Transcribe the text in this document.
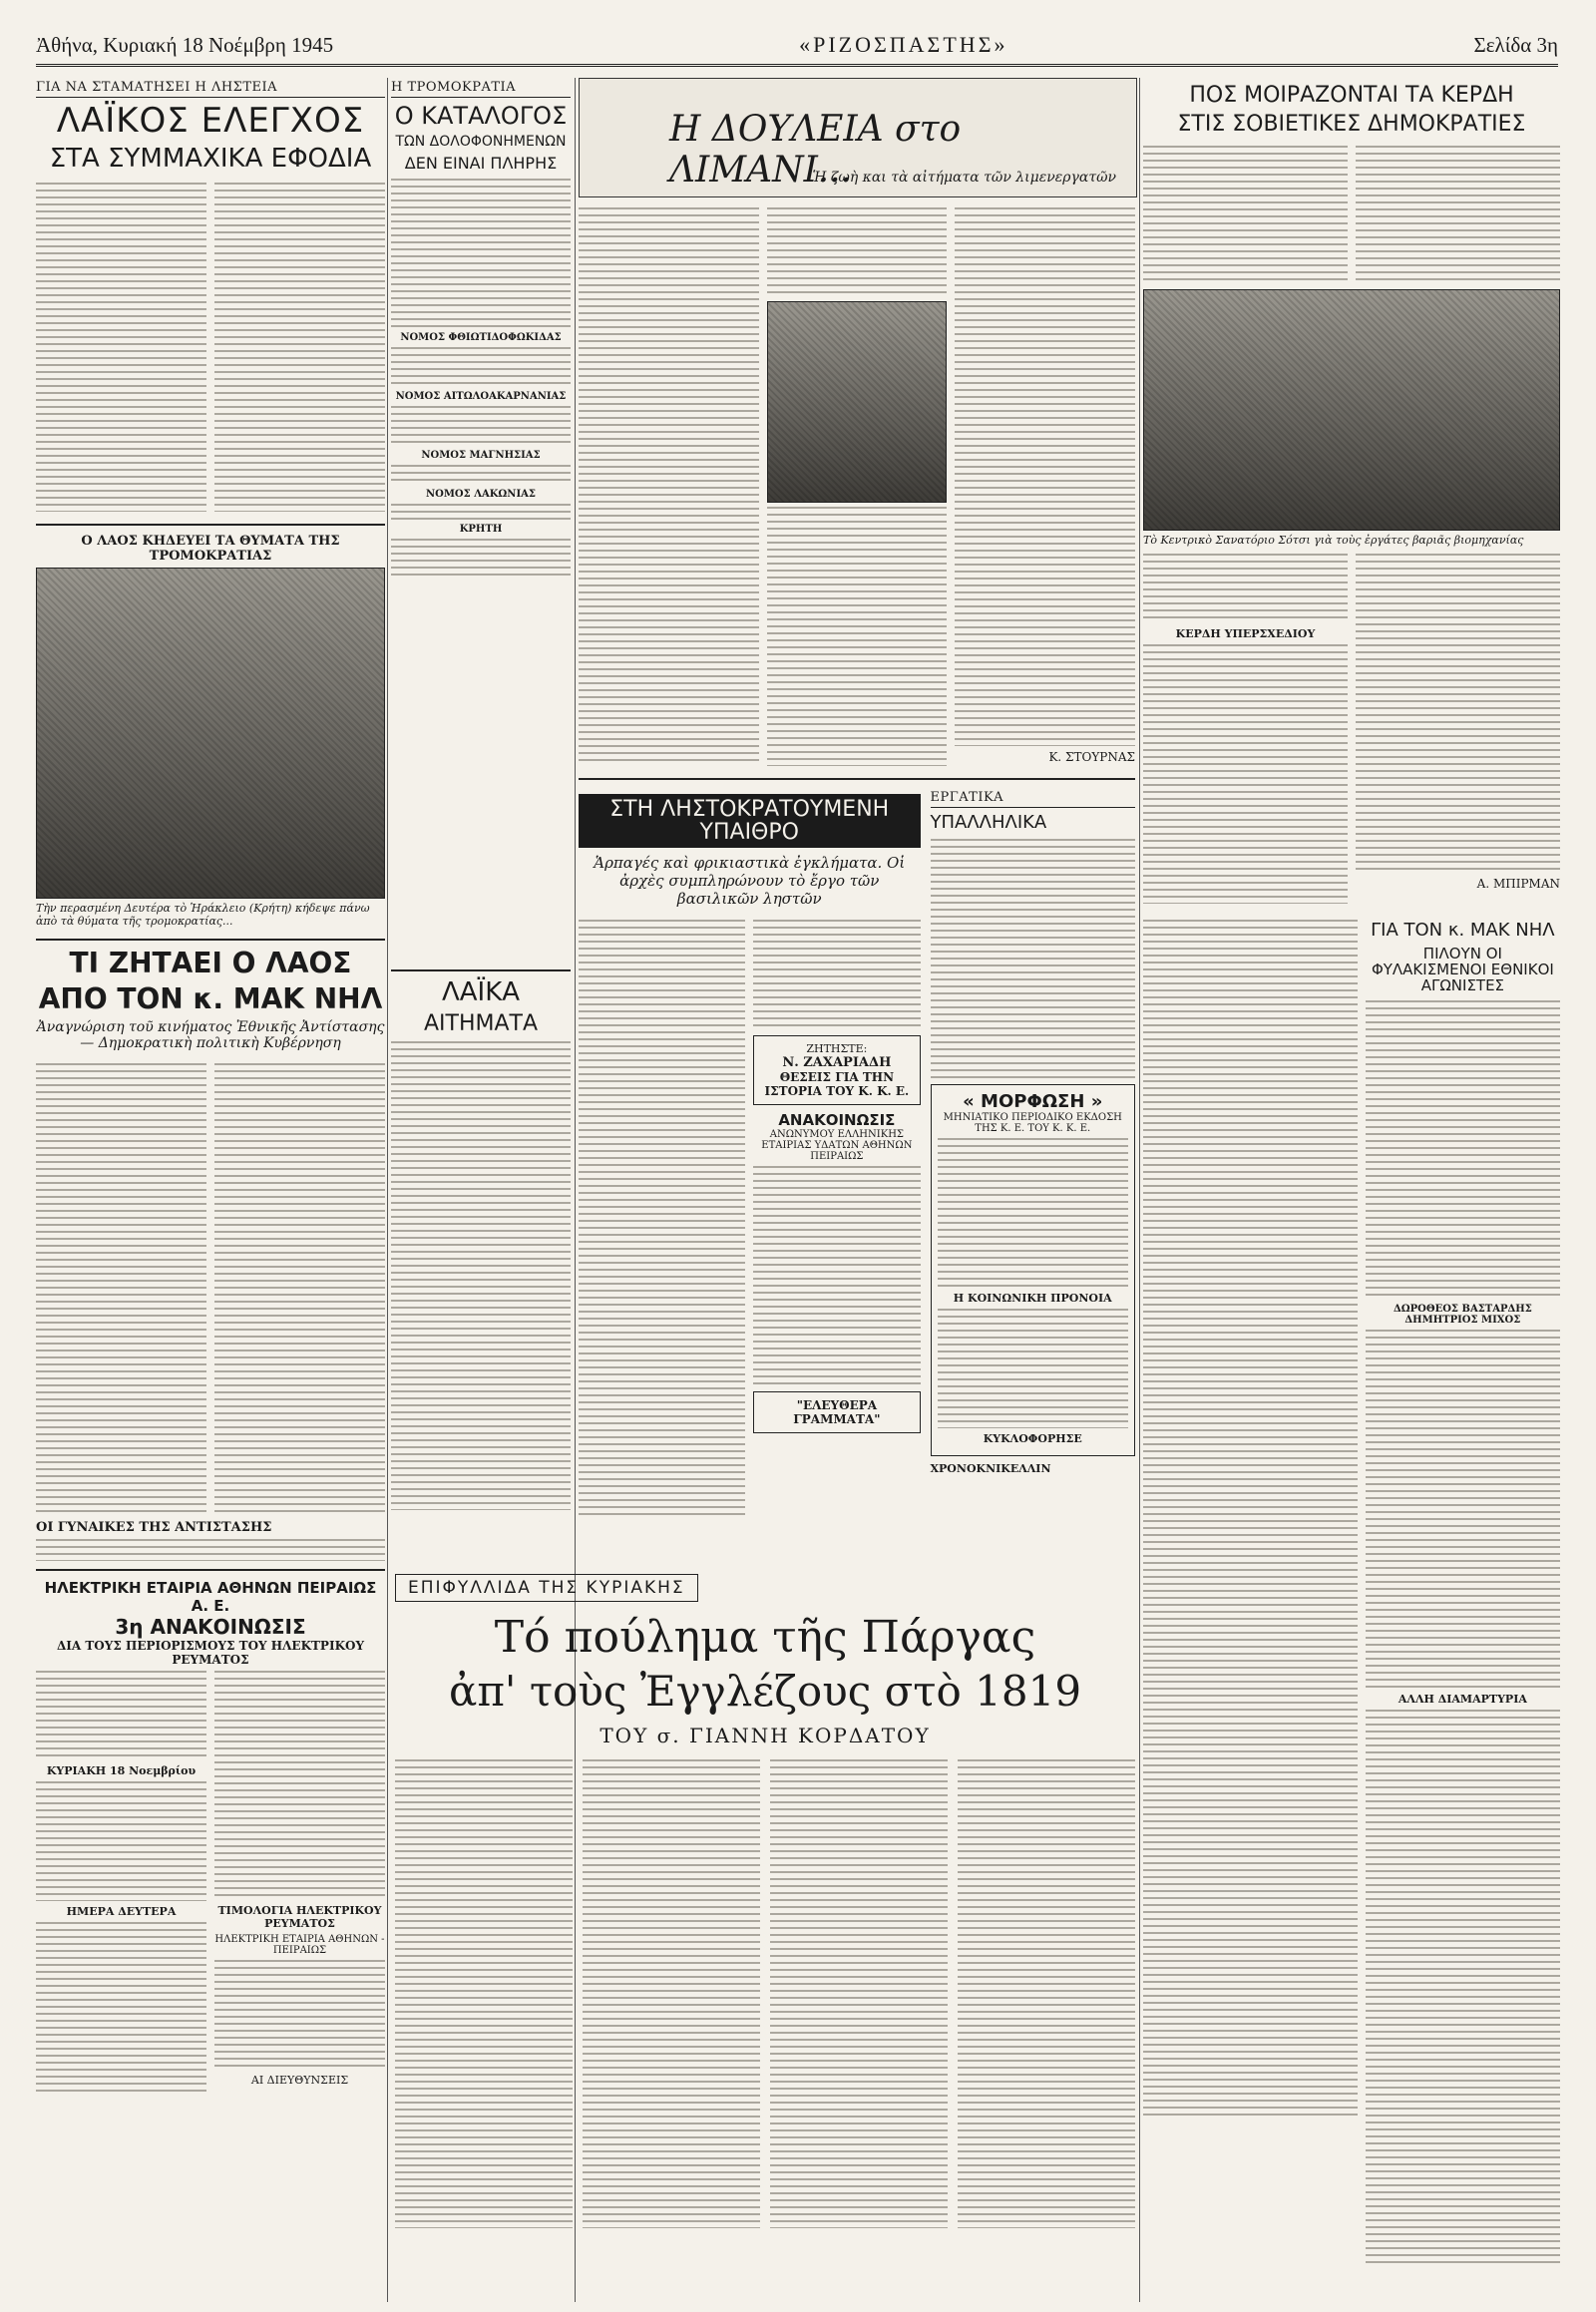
Ἀθήνα, Κυριακή 18 Νοέμβρη 1945	«ΡΙΖΟΣΠΑΣΤΗΣ»	Σελίδα 3η
ΓΙΑ ΝΑ ΣΤΑΜΑΤΗΣΕΙ Η ΛΗΣΤΕΙΑ
ΛΑΪΚΟΣ ΕΛΕΓΧΟΣ
ΣΤΑ ΣΥΜΜΑΧΙΚΑ ΕΦΟΔΙΑ
Ο ΛΑΟΣ ΚΗΔΕΥΕΙ ΤΑ ΘΥΜΑΤΑ ΤΗΣ ΤΡΟΜΟΚΡΑΤΙΑΣ
Τὴν περασμένη Δευτέρα τὸ Ἡράκλειο (Κρήτη) κήδεψε πάνω ἀπὸ τὰ θύματα τῆς τρομοκρατίας...
ΤΙ ΖΗΤΑΕΙ Ο ΛΑΟΣ
ΑΠΟ ΤΟΝ κ. ΜΑΚ ΝΗΛ
Ἀναγνώριση τοῦ κινήματος Ἐθνικῆς Ἀντίστασης — Δημοκρατικὴ πολιτικὴ Κυβέρνηση
ΟΙ ΓΥΝΑΙΚΕΣ ΤΗΣ ΑΝΤΙΣΤΑΣΗΣ
ΗΛΕΚΤΡΙΚΗ ΕΤΑΙΡΙΑ ΑΘΗΝΩΝ ΠΕΙΡΑΙΩΣ Α. Ε.
3η ΑΝΑΚΟΙΝΩΣΙΣ
ΔΙΑ ΤΟΥΣ ΠΕΡΙΟΡΙΣΜΟΥΣ ΤΟΥ ΗΛΕΚΤΡΙΚΟΥ ΡΕΥΜΑΤΟΣ
ΚΥΡΙΑΚΗ 18 Νοεμβρίου
ΗΜΕΡΑ ΔΕΥΤΕΡΑ	ΤΙΜΟΛΟΓΙΑ ΗΛΕΚΤΡΙΚΟΥ ΡΕΥΜΑΤΟΣ
ΗΛΕΚΤΡΙΚΗ ΕΤΑΙΡΙΑ ΑΘΗΝΩΝ - ΠΕΙΡΑΙΩΣ
ΑΙ ΔΙΕΥΘΥΝΣΕΙΣ
Η ΤΡΟΜΟΚΡΑΤΙΑ
Ο ΚΑΤΑΛΟΓΟΣ
ΤΩΝ ΔΟΛΟΦΟΝΗΜΕΝΩΝ
ΔΕΝ ΕΙΝΑΙ ΠΛΗΡΗΣ
ΝΟΜΟΣ ΦΘΙΩΤΙΔΟΦΩΚΙΔΑΣ
ΝΟΜΟΣ ΑΙΤΩΛΟΑΚΑΡΝΑΝΙΑΣ
ΝΟΜΟΣ ΜΑΓΝΗΣΙΑΣ
ΝΟΜΟΣ ΛΑΚΩΝΙΑΣ
ΚΡΗΤΗ
ΛΑΪΚΑ
ΑΙΤΗΜΑΤΑ
Η ΔΟΥΛΕΙΑ στο ΛΙΜΑΝΙ...
Ἡ ζωὴ και τὰ αἰτήματα τῶν λιμενεργατῶν
Κ. ΣΤΟΥΡΝΑΣ
ΣΤΗ ΛΗΣΤΟΚΡΑΤΟΥΜΕΝΗ ΥΠΑΙΘΡΟ
Ἁρπαγές καὶ φρικιαστικὰ ἐγκλήματα. Οἱ ἀρχὲς συμπληρώνουν τὸ ἔργο τῶν βασιλικῶν ληστῶν
ΖΗΤΗΣΤΕ:
Ν. ΖΑΧΑΡΙΑΔΗ
ΘΕΣΕΙΣ ΓΙΑ ΤΗΝ ΙΣΤΟΡΙΑ ΤΟΥ Κ. Κ. Ε.
ΑΝΑΚΟΙΝΩΣΙΣ
ΑΝΩΝΥΜΟΥ ΕΛΛΗΝΙΚΗΣ ΕΤΑΙΡΙΑΣ ΥΔΑΤΩΝ ΑΘΗΝΩΝ ΠΕΙΡΑΙΩΣ
"ΕΛΕΥΘΕΡΑ ΓΡΑΜΜΑΤΑ"
ΕΡΓΑΤΙΚΑ
ΥΠΑΛΛΗΛΙΚΑ
« ΜΟΡΦΩΣΗ »
ΜΗΝΙΑΤΙΚΟ ΠΕΡΙΟΔΙΚΟ ΕΚΔΟΣΗ ΤΗΣ Κ. Ε. ΤΟΥ Κ. Κ. Ε.
Η ΚΟΙΝΩΝΙΚΗ ΠΡΟΝΟΙΑ
ΚΥΚΛΟΦΟΡΗΣΕ
ΧΡΟΝΟΚΝΙΚΕΛΛΙΝ
ΠΟΣ ΜΟΙΡΑΖΟΝΤΑΙ ΤΑ ΚΕΡΔΗ
ΣΤΙΣ ΣΟΒΙΕΤΙΚΕΣ ΔΗΜΟΚΡΑΤΙΕΣ
Τὸ Κεντρικὸ Σανατόριο Σότσι γιὰ τοὺς ἐργάτες βαριᾶς βιομηχανίας
ΚΕΡΔΗ ΥΠΕΡΣΧΕΔΙΟΥ
Α. ΜΠΙΡΜΑΝ
ΓΙΑ ΤΟΝ κ. ΜΑΚ ΝΗΛ
ΠΙΛΟΥΝ ΟΙ ΦΥΛΑΚΙΣΜΕΝΟΙ ΕΘΝΙΚΟΙ ΑΓΩΝΙΣΤΕΣ
ΔΩΡΟΘΕΟΣ ΒΑΣΤΑΡΔΗΣ ΔΗΜΗΤΡΙΟΣ ΜΙΧΟΣ
ΑΛΛΗ ΔΙΑΜΑΡΤΥΡΙΑ
ΕΠΙΦΥΛΛΙΔΑ ΤΗΣ ΚΥΡΙΑΚΗΣ
Τό πούλημα τῆς Πάργας
ἀπ' τοὺς Ἐγγλέζους στὸ 1819
ΤΟΥ σ. ΓΙΑΝΝΗ ΚΟΡΔΑΤΟΥ
